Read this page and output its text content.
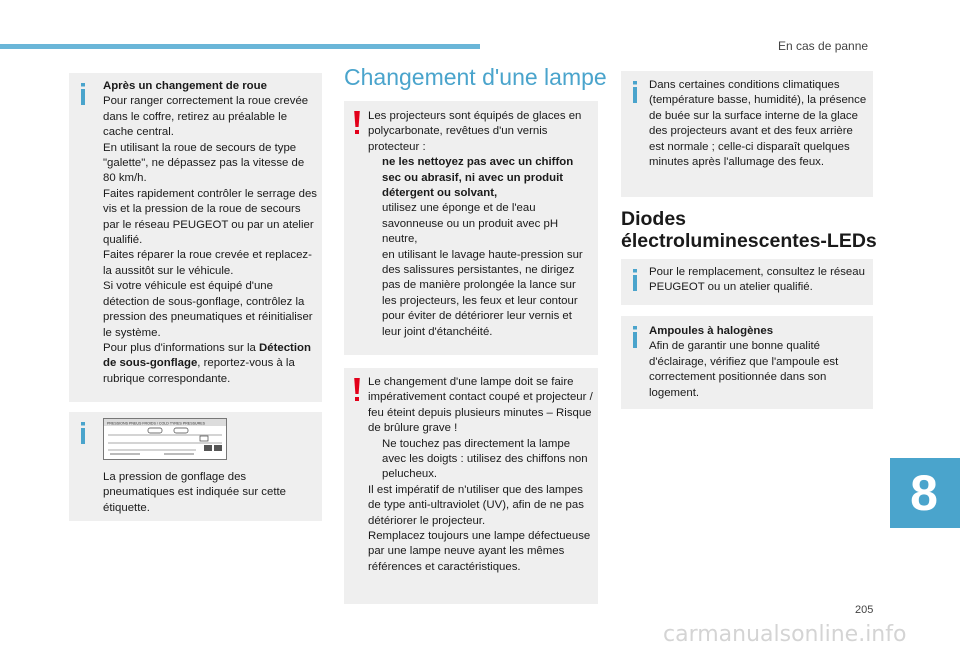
En cas de panne

Après un changement de roue

Pour ranger correctement la roue crevée dans le coffre, retirez au préalable le cache central.

En utilisant la roue de secours de type "galette", ne dépassez pas la vitesse de 80 km/h.

Faites rapidement contrôler le serrage des vis et la pression de la roue de secours par le réseau PEUGEOT ou par un atelier qualifié.

Faites réparer la roue crevée et replacez-la aussitôt sur le véhicule.

Si votre véhicule est équipé d'une détection de sous-gonflage, contrôlez la pression des pneumatiques et réinitialiser le système.

Pour plus d'informations sur la Détection de sous-gonflage, reportez-vous à la rubrique correspondante.

PRESSIONS PNEUS FROIDS / COLD TYRES PRESSURES

La pression de gonflage des pneumatiques est indiquée sur cette étiquette.

Changement d'une lampe

Les projecteurs sont équipés de glaces en polycarbonate, revêtues d'un vernis protecteur :

ne les nettoyez pas avec un chiffon sec ou abrasif, ni avec un produit détergent ou solvant,
utilisez une éponge et de l'eau savonneuse ou un produit avec pH neutre,
en utilisant le lavage haute-pression sur des salissures persistantes, ne dirigez pas de manière prolongée la lance sur les projecteurs, les feux et leur contour pour éviter de détériorer leur vernis et leur joint d'étanchéité.

Le changement d'une lampe doit se faire impérativement contact coupé et projecteur / feu éteint depuis plusieurs minutes – Risque de brûlure grave !

Ne touchez pas directement la lampe avec les doigts : utilisez des chiffons non pelucheux.

Il est impératif de n'utiliser que des lampes de type anti-ultraviolet (UV), afin de ne pas détériorer le projecteur.

Remplacez toujours une lampe défectueuse par une lampe neuve ayant les mêmes références et caractéristiques.

Dans certaines conditions climatiques (température basse, humidité), la présence de buée sur la surface interne de la glace des projecteurs avant et des feux arrière est normale ; celle-ci disparaît quelques minutes après l'allumage des feux.

Diodes
électroluminescentes-LEDs

Pour le remplacement, consultez le réseau PEUGEOT ou un atelier qualifié.

Ampoules à halogènes

Afin de garantir une bonne qualité d'éclairage, vérifiez que l'ampoule est correctement positionnée dans son logement.

8
205
carmanualsonline.info
